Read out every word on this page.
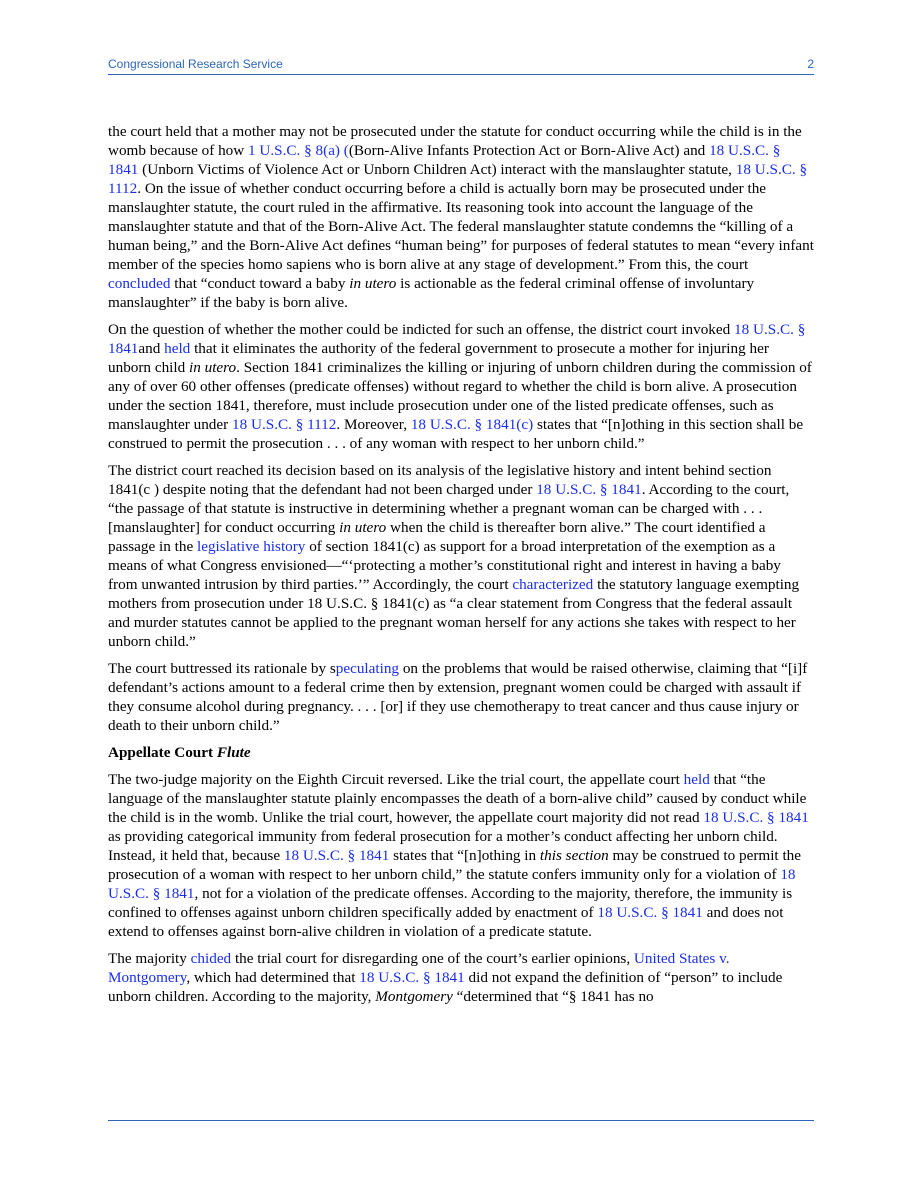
Congressional Research Service	2

the court held that a mother may not be prosecuted under the statute for conduct occurring while the child is in the womb because of how 1 U.S.C. § 8(a) ((Born-Alive Infants Protection Act or Born-Alive Act) and 18 U.S.C. § 1841 (Unborn Victims of Violence Act or Unborn Children Act) interact with the manslaughter statute, 18 U.S.C. § 1112. On the issue of whether conduct occurring before a child is actually born may be prosecuted under the manslaughter statute, the court ruled in the affirmative. Its reasoning took into account the language of the manslaughter statute and that of the Born-Alive Act. The federal manslaughter statute condemns the “killing of a human being,” and the Born-Alive Act defines “human being” for purposes of federal statutes to mean “every infant member of the species homo sapiens who is born alive at any stage of development.” From this, the court concluded that “conduct toward a baby in utero is actionable as the federal criminal offense of involuntary manslaughter” if the baby is born alive.

On the question of whether the mother could be indicted for such an offense, the district court invoked 18 U.S.C. § 1841and held that it eliminates the authority of the federal government to prosecute a mother for injuring her unborn child in utero. Section 1841 criminalizes the killing or injuring of unborn children during the commission of any of over 60 other offenses (predicate offenses) without regard to whether the child is born alive. A prosecution under the section 1841, therefore, must include prosecution under one of the listed predicate offenses, such as manslaughter under 18 U.S.C. § 1112. Moreover, 18 U.S.C. § 1841(c) states that “[n]othing in this section shall be construed to permit the prosecution . . . of any woman with respect to her unborn child.”

The district court reached its decision based on its analysis of the legislative history and intent behind section 1841(c ) despite noting that the defendant had not been charged under 18 U.S.C. § 1841. According to the court, “the passage of that statute is instructive in determining whether a pregnant woman can be charged with . . . [manslaughter] for conduct occurring in utero when the child is thereafter born alive.” The court identified a passage in the legislative history of section 1841(c) as support for a broad interpretation of the exemption as a means of what Congress envisioned—“‘protecting a mother’s constitutional right and interest in having a baby from unwanted intrusion by third parties.’” Accordingly, the court characterized the statutory language exempting mothers from prosecution under 18 U.S.C. § 1841(c) as “a clear statement from Congress that the federal assault and murder statutes cannot be applied to the pregnant woman herself for any actions she takes with respect to her unborn child.”

The court buttressed its rationale by speculating on the problems that would be raised otherwise, claiming that “[i]f defendant’s actions amount to a federal crime then by extension, pregnant women could be charged with assault if they consume alcohol during pregnancy. . . . [or] if they use chemotherapy to treat cancer and thus cause injury or death to their unborn child.”

Appellate Court Flute

The two-judge majority on the Eighth Circuit reversed. Like the trial court, the appellate court held that “the language of the manslaughter statute plainly encompasses the death of a born-alive child” caused by conduct while the child is in the womb. Unlike the trial court, however, the appellate court majority did not read 18 U.S.C. § 1841 as providing categorical immunity from federal prosecution for a mother’s conduct affecting her unborn child. Instead, it held that, because 18 U.S.C. § 1841 states that “[n]othing in this section may be construed to permit the prosecution of a woman with respect to her unborn child,” the statute confers immunity only for a violation of 18 U.S.C. § 1841, not for a violation of the predicate offenses. According to the majority, therefore, the immunity is confined to offenses against unborn children specifically added by enactment of 18 U.S.C. § 1841 and does not extend to offenses against born-alive children in violation of a predicate statute.

The majority chided the trial court for disregarding one of the court’s earlier opinions, United States v. Montgomery, which had determined that 18 U.S.C. § 1841 did not expand the definition of “person” to include unborn children. According to the majority, Montgomery “determined that “§ 1841 has no
